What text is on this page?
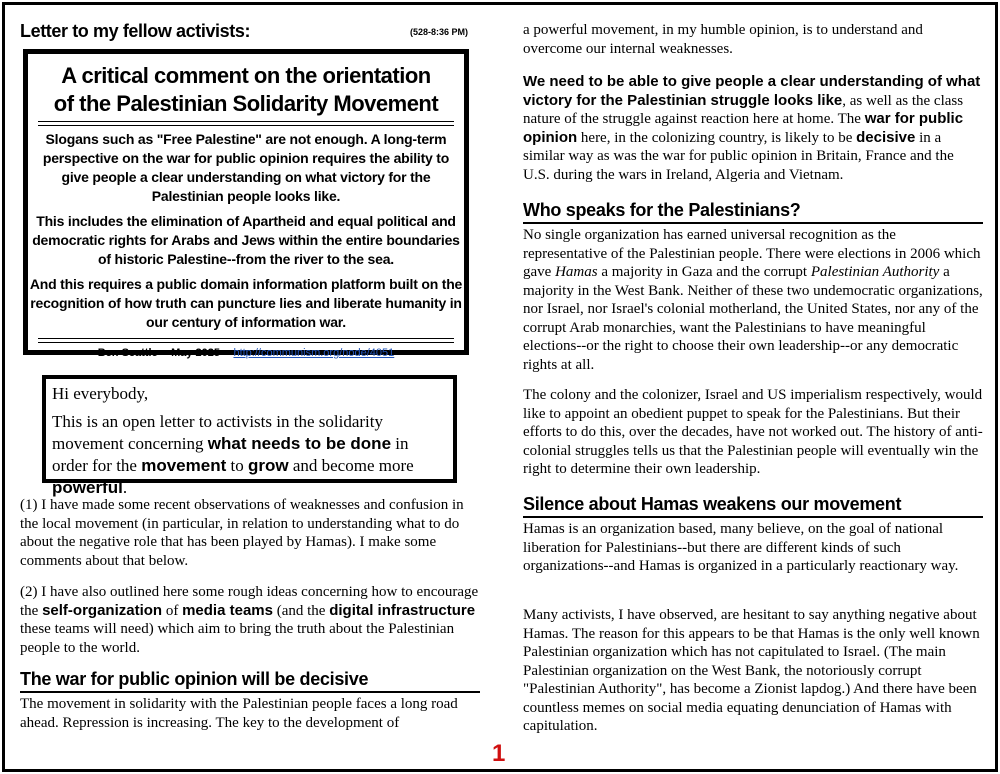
Letter to my fellow activists:	(528-8:36 PM)
A critical comment on the orientation
of the Palestinian Solidarity Movement

Slogans such as "Free Palestine" are not enough. A long-term perspective on the war for public opinion requires the ability to give people a clear understanding on what victory for the Palestinian people looks like.

This includes the elimination of Apartheid and equal political and democratic rights for Arabs and Jews within the entire boundaries of historic Palestine--from the river to the sea.

And this requires a public domain information platform built on the recognition of how truth can puncture lies and liberate humanity in our century of information war.

Ben Seattle -- May 2025 -- http://communism.org/node/4051

Hi everybody,

This is an open letter to activists in the solidarity movement concerning what needs to be done in order for the movement to grow and become more powerful.

(1) I have made some recent observations of weaknesses and confusion in the local movement (in particular, in relation to understanding what to do about the negative role that has been played by Hamas). I make some comments about that below.

(2) I have also outlined here some rough ideas concerning how to encourage the self-organization of media teams (and the digital infrastructure these teams will need) which aim to bring the truth about the Palestinian people to the world.

The war for public opinion will be decisive

The movement in solidarity with the Palestinian people faces a long road ahead. Repression is increasing. The key to the development of

a powerful movement, in my humble opinion, is to understand and overcome our internal weaknesses.

We need to be able to give people a clear understanding of what victory for the Palestinian struggle looks like, as well as the class nature of the struggle against reaction here at home. The war for public opinion here, in the colonizing country, is likely to be decisive in a similar way as was the war for public opinion in Britain, France and the U.S. during the wars in Ireland, Algeria and Vietnam.

Who speaks for the Palestinians?

No single organization has earned universal recognition as the representative of the Palestinian people. There were elections in 2006 which gave Hamas a majority in Gaza and the corrupt Palestinian Authority a majority in the West Bank. Neither of these two undemocratic organizations, nor Israel, nor Israel's colonial motherland, the United States, nor any of the corrupt Arab monarchies, want the Palestinians to have meaningful elections--or the right to choose their own leadership--or any democratic rights at all.

The colony and the colonizer, Israel and US imperialism respectively, would like to appoint an obedient puppet to speak for the Palestinians. But their efforts to do this, over the decades, have not worked out. The history of anti-colonial struggles tells us that the Palestinian people will eventually win the right to determine their own leadership.

Silence about Hamas weakens our movement

Hamas is an organization based, many believe, on the goal of national liberation for Palestinians--but there are different kinds of such organizations--and Hamas is organized in a particularly reactionary way.

Many activists, I have observed, are hesitant to say anything negative about Hamas. The reason for this appears to be that Hamas is the only well known Palestinian organization which has not capitulated to Israel. (The main Palestinian organization on the West Bank, the notoriously corrupt "Palestinian Authority", has become a Zionist lapdog.) And there have been countless memes on social media equating denunciation of Hamas with capitulation.

1
